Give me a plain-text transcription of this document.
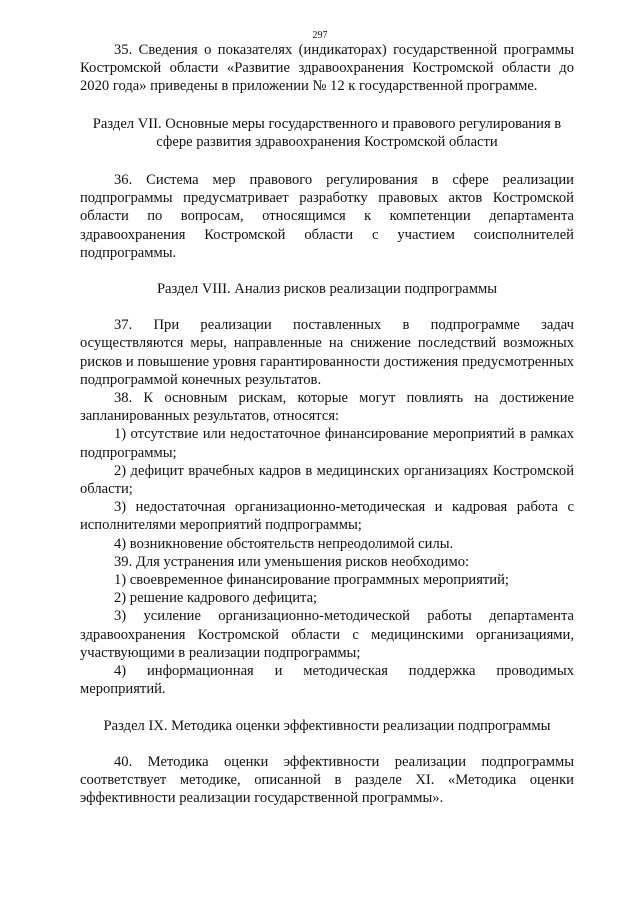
297

35. Сведения о показателях (индикаторах) государственной программы Костромской области «Развитие здравоохранения Костромской области до 2020 года» приведены в приложении № 12 к государственной программе.

Раздел VII. Основные меры государственного и правового регулирования в сфере развития здравоохранения Костромской области

36. Система мер правового регулирования в сфере реализации подпрограммы предусматривает разработку правовых актов Костромской области по вопросам, относящимся к компетенции департамента здравоохранения Костромской области с участием соисполнителей подпрограммы.

Раздел VIII. Анализ рисков реализации подпрограммы

37. При реализации поставленных в подпрограмме задач осуществляются меры, направленные на снижение последствий возможных рисков и повышение уровня гарантированности достижения предусмотренных подпрограммой конечных результатов.

38. К основным рискам, которые могут повлиять на достижение запланированных результатов, относятся:

1) отсутствие или недостаточное финансирование мероприятий в рамках подпрограммы;

2) дефицит врачебных кадров в медицинских организациях Костромской области;

3) недостаточная организационно-методическая и кадровая работа с исполнителями мероприятий подпрограммы;

4) возникновение обстоятельств непреодолимой силы.

39. Для устранения или уменьшения рисков необходимо:

1) своевременное финансирование программных мероприятий;

2) решение кадрового дефицита;

3) усиление организационно-методической работы департамента здравоохранения Костромской области с медицинскими организациями, участвующими в реализации подпрограммы;

4) информационная и методическая поддержка проводимых мероприятий.

Раздел IX. Методика оценки эффективности реализации подпрограммы

40. Методика оценки эффективности реализации подпрограммы соответствует методике, описанной в разделе XI. «Методика оценки эффективности реализации государственной программы».
